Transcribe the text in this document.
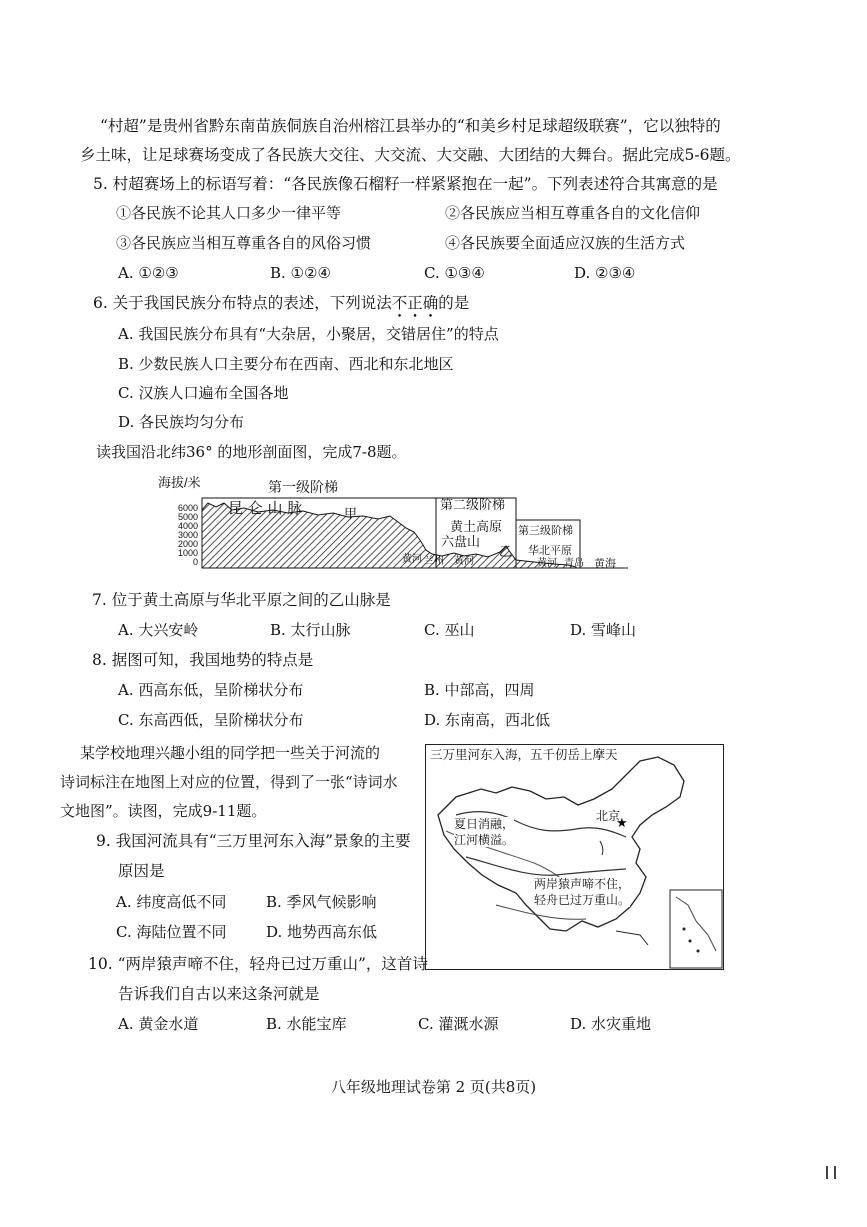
“村超”是贵州省黔东南苗族侗族自治州榕江县举办的“和美乡村足球超级联赛”，它以独特的
乡土味，让足球赛场变成了各民族大交往、大交流、大交融、大团结的大舞台。据此完成5-6题。
5. 村超赛场上的标语写着：“各民族像石榴籽一样紧紧抱在一起”。下列表述符合其寓意的是
①各民族不论其人口多少一律平等	②各民族应当相互尊重各自的文化信仰
③各民族应当相互尊重各自的风俗习惯	④各民族要全面适应汉族的生活方式
A. ①②③	B. ①②④	C. ①③④	D. ②③④
6. 关于我国民族分布特点的表述，下列说法不正确的是
A. 我国民族分布具有“大杂居，小聚居，交错居住”的特点
B. 少数民族人口主要分布在西南、西北和东北地区
C. 汉族人口遍布全国各地
D. 各民族均匀分布
读我国沿北纬36° 的地形剖面图，完成7-8题。
海拔/米
6000
5000
4000
3000
2000
1000
0
第一级阶梯
昆 仑 山 脉	甲
第二级阶梯
黄土高原
六盘山
乙
第三级阶梯
华北平原
黄河 兰州 黄河	黄河 青岛 黄海
7. 位于黄土高原与华北平原之间的乙山脉是
A. 大兴安岭	B. 太行山脉	C. 巫山	D. 雪峰山
8. 据图可知，我国地势的特点是
A. 西高东低，呈阶梯状分布	B. 中部高，四周
C. 东高西低，呈阶梯状分布	D. 东南高，西北低
某学校地理兴趣小组的同学把一些关于河流的
诗词标注在地图上对应的位置，得到了一张“诗词水
文地图”。读图，完成9-11题。
★
三万里河东入海，五千仞岳上摩天
夏日消融，
江河横溢。
北京
两岸猿声啼不住，
轻舟已过万重山。
9. 我国河流具有“三万里河东入海”景象的主要
原因是
A. 纬度高低不同	B. 季风气候影响
C. 海陆位置不同	D. 地势西高东低
10. “两岸猿声啼不住，轻舟已过万重山”，这首诗
告诉我们自古以来这条河就是
A. 黄金水道	B. 水能宝库	C. 灌溉水源	D. 水灾重地
八年级地理试卷第 2 页(共8页)
